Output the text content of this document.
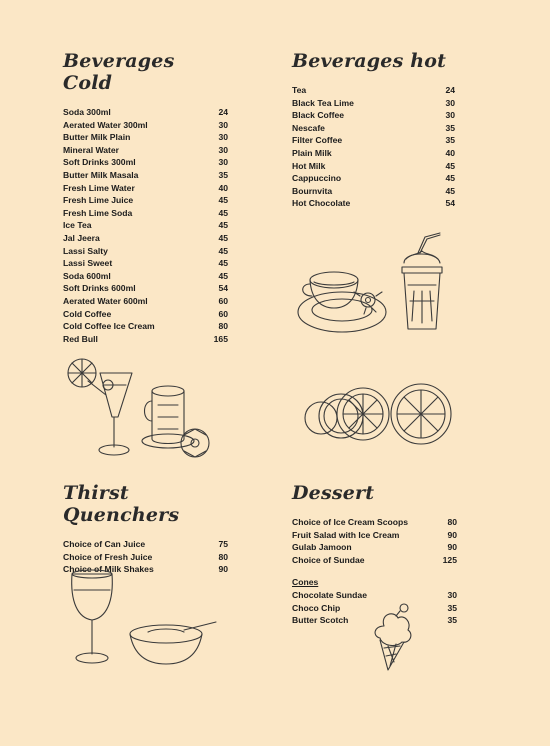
Beverages Cold
Soda 300ml	24
Aerated Water 300ml	30
Butter Milk Plain	30
Mineral Water	30
Soft Drinks 300ml	30
Butter Milk Masala	35
Fresh Lime Water	40
Fresh Lime Juice	45
Fresh Lime Soda	45
Ice Tea	45
Jal Jeera	45
Lassi Salty	45
Lassi Sweet	45
Soda 600ml	45
Soft Drinks 600ml	54
Aerated Water 600ml	60
Cold Coffee	60
Cold Coffee Ice Cream	80
Red Bull	165
Beverages hot
Tea	24
Black Tea Lime	30
Black Coffee	30
Nescafe	35
Filter Coffee	35
Plain Milk	40
Hot Milk	45
Cappuccino	45
Bournvita	45
Hot Chocolate	54
Thirst Quenchers
Choice of Can Juice	75
Choice of Fresh Juice	80
Choice of Milk Shakes	90
Dessert
Choice of Ice Cream Scoops	80
Fruit Salad with Ice Cream	90
Gulab Jamoon	90
Choice of Sundae	125
Cones
Chocolate Sundae	30
Choco Chip	35
Butter Scotch	35
